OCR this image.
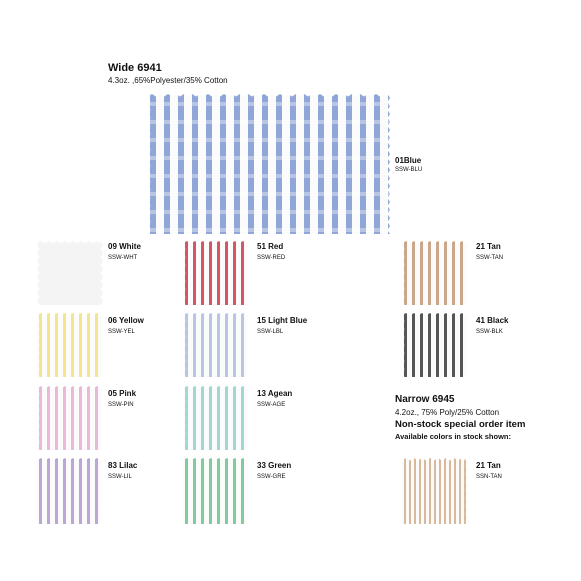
Wide 6941
4.3oz. ,65%Polyester/35% Cotton
01Blue
SSW-BLU
09 White
SSW-WHT
51 Red
SSW-RED
21 Tan
SSW-TAN
06 Yellow
SSW-YEL
15 Light Blue
SSW-LBL
41 Black
SSW-BLK
05 Pink
SSW-PIN
13 Agean
SSW-AGE
83 Lilac
SSW-LIL
33 Green
SSW-GRE
Narrow 6945
4.2oz., 75% Poly/25% Cotton
Non-stock special order item
Available colors in stock shown:
21 Tan
SSN-TAN
